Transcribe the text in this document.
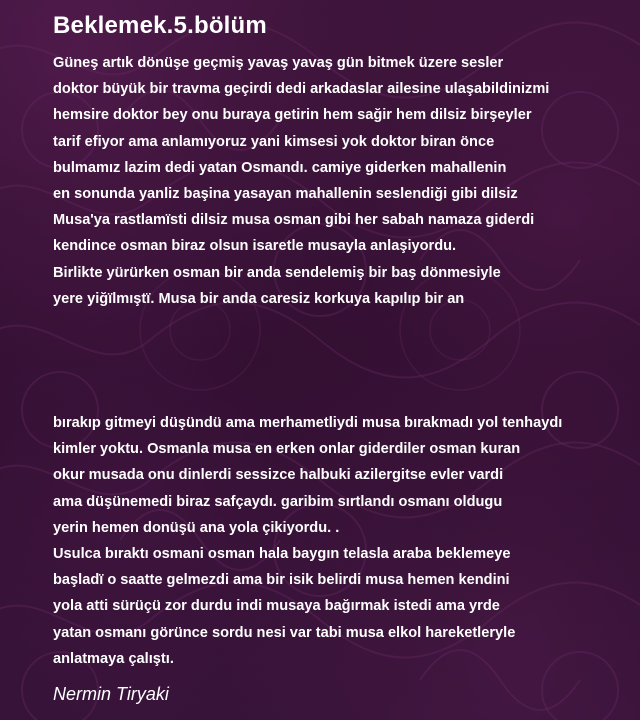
Beklemek.5.bölüm
Güneş artık dönüşe geçmiş yavaş yavaş gün bitmek üzere sesler
doktor büyük bir travma geçirdi dedi arkadaslar ailesine ulaşabildinizmi
hemsire doktor bey onu buraya getirin hem sağir hem dilsiz birşeyler
tarif efiyor ama anlamıyoruz yani kimsesi yok doktor biran önce
bulmamız lazim dedi yatan Osmandı. camiye giderken mahallenin
en sonunda yanliz başina yasayan mahallenin seslendiği gibi dilsiz
Musa'ya rastlamïsti dilsiz musa osman gibi her sabah namaza giderdi
kendince osman biraz olsun isaretle musayla anlaşiyordu.
Birlikte yürürken osman bir anda sendelemiş bir baş dönmesiyle
yere yiğïlmıştï. Musa bir anda caresiz korkuya kapılıp bir an
bırakıp gitmeyi düşündü ama merhametliydi musa bırakmadı yol tenhaydı
kimler yoktu. Osmanla musa en erken onlar giderdiler osman kuran
okur musada onu dinlerdi sessizce halbuki azilergitse evler vardi
ama düşünemedi biraz safçaydı. garibim sırtlandı osmanı oldugu
yerin hemen donüşü ana yola çikiyordu. .
Usulca bıraktı osmani osman hala baygın telasla araba beklemeye
başladï o saatte gelmezdi ama bir isik belirdi musa hemen kendini
yola atti sürüçü zor durdu indi musaya bağırmak istedi ama yrde
yatan osmanı görünce sordu nesi var tabi musa elkol hareketleryle
anlatmaya çalıştı.
Nermin Tiryaki
